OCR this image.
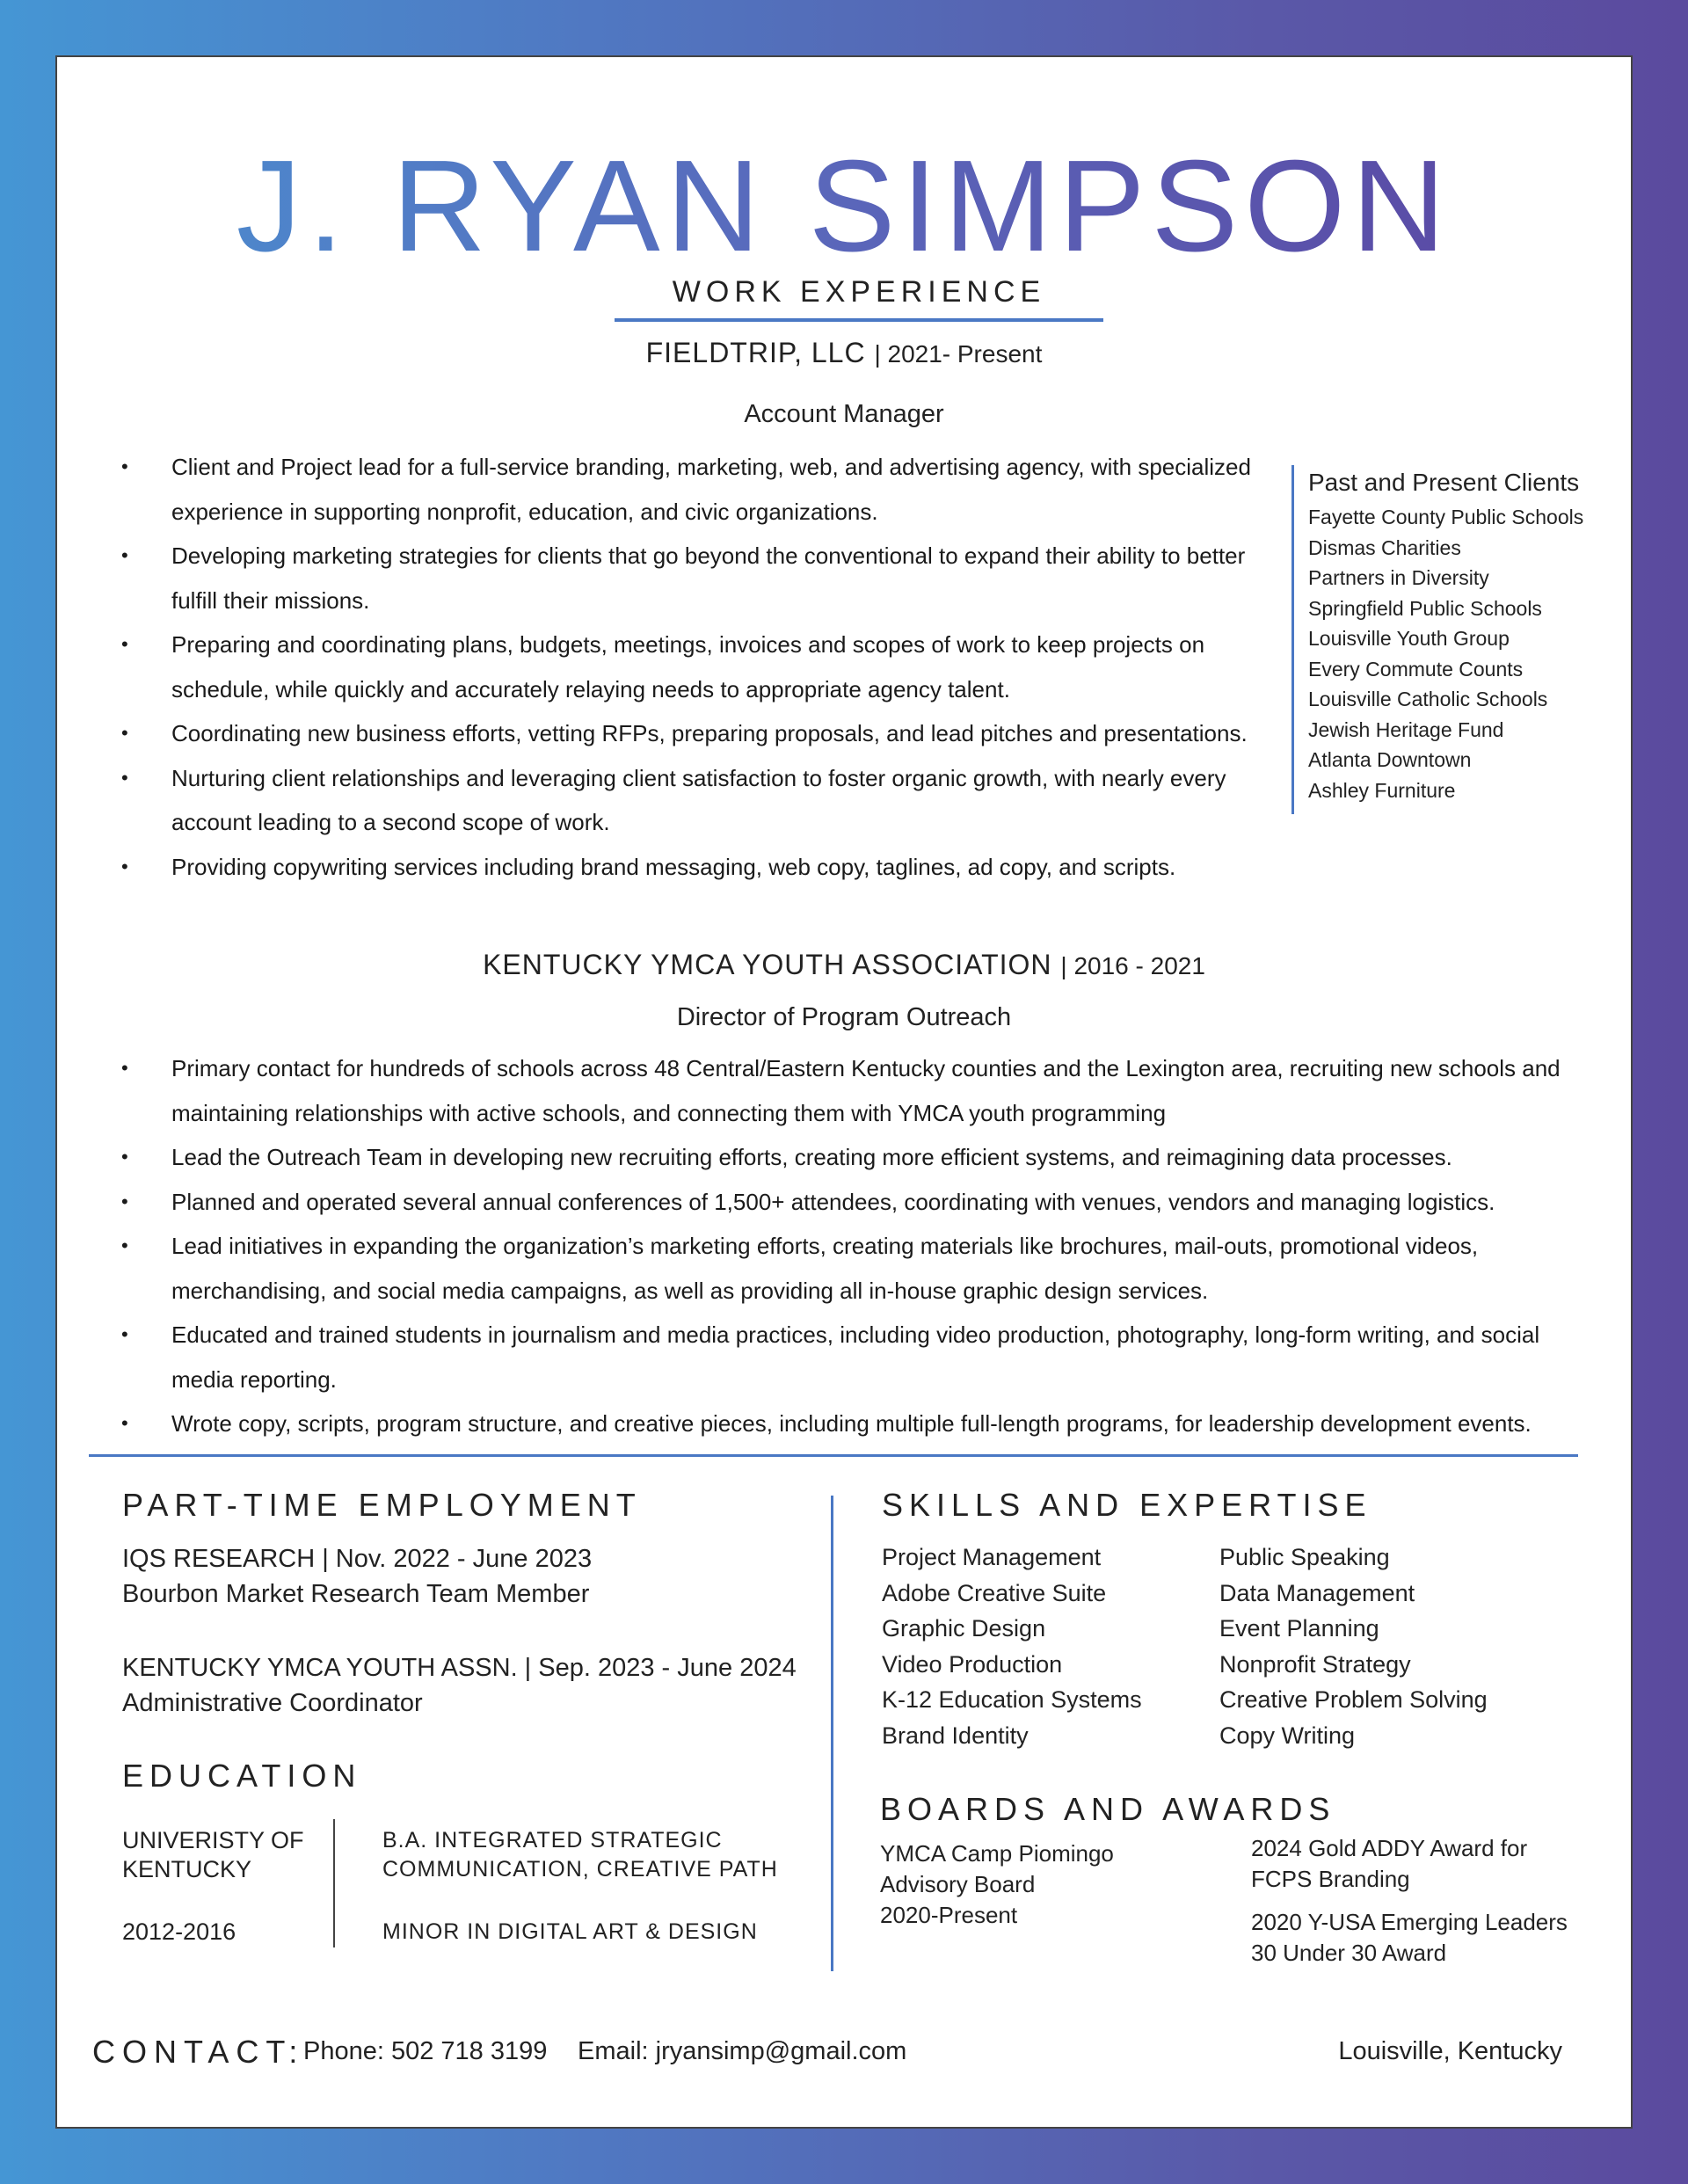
J. RYAN SIMPSON
WORK EXPERIENCE
FIELDTRIP, LLC | 2021- Present
Account Manager
• Client and Project lead for a full-service branding, marketing, web, and advertising agency, with specialized experience in supporting nonprofit, education, and civic organizations.
• Developing marketing strategies for clients that go beyond the conventional to expand their ability to better fulfill their missions.
• Preparing and coordinating plans, budgets, meetings, invoices and scopes of work to keep projects on schedule, while quickly and accurately relaying needs to appropriate agency talent.
• Coordinating new business efforts, vetting RFPs, preparing proposals, and lead pitches and presentations.
• Nurturing client relationships and leveraging client satisfaction to foster organic growth, with nearly every account leading to a second scope of work.
• Providing copywriting services including brand messaging, web copy, taglines, ad copy, and scripts.
Past and Present Clients
Fayette County Public Schools
Dismas Charities
Partners in Diversity
Springfield Public Schools
Louisville Youth Group
Every Commute Counts
Louisville Catholic Schools
Jewish Heritage Fund
Atlanta Downtown
Ashley Furniture
KENTUCKY YMCA YOUTH ASSOCIATION | 2016 - 2021
Director of Program Outreach
• Primary contact for hundreds of schools across 48 Central/Eastern Kentucky counties and the Lexington area, recruiting new schools and maintaining relationships with active schools, and connecting them with YMCA youth programming
• Lead the Outreach Team in developing new recruiting efforts, creating more efficient systems, and reimagining data processes.
• Planned and operated several annual conferences of 1,500+ attendees, coordinating with venues, vendors and managing logistics.
• Lead initiatives in expanding the organization’s marketing efforts, creating materials like brochures, mail-outs, promotional videos, merchandising, and social media campaigns, as well as providing all in-house graphic design services.
• Educated and trained students in journalism and media practices, including video production, photography, long-form writing, and social media reporting.
• Wrote copy, scripts, program structure, and creative pieces, including multiple full-length programs, for leadership development events.
PART-TIME EMPLOYMENT
IQS RESEARCH | Nov. 2022 - June 2023
Bourbon Market Research Team Member
KENTUCKY YMCA YOUTH ASSN. | Sep. 2023 - June 2024
Administrative Coordinator
EDUCATION
UNIVERISTY OF
KENTUCKY
2012-2016
B.A. INTEGRATED STRATEGIC
COMMUNICATION, CREATIVE PATH
MINOR IN DIGITAL ART & DESIGN
SKILLS AND EXPERTISE
Project Management
Adobe Creative Suite
Graphic Design
Video Production
K-12 Education Systems
Brand Identity
Public Speaking
Data Management
Event Planning
Nonprofit Strategy
Creative Problem Solving
Copy Writing
BOARDS AND AWARDS
YMCA Camp Piomingo
Advisory Board
2020-Present
2024 Gold ADDY Award for
FCPS Branding
2020 Y-USA Emerging Leaders
30 Under 30 Award
CONTACT:
Phone: 502 718 3199 Email: jryansimp@gmail.com	Louisville, Kentucky
